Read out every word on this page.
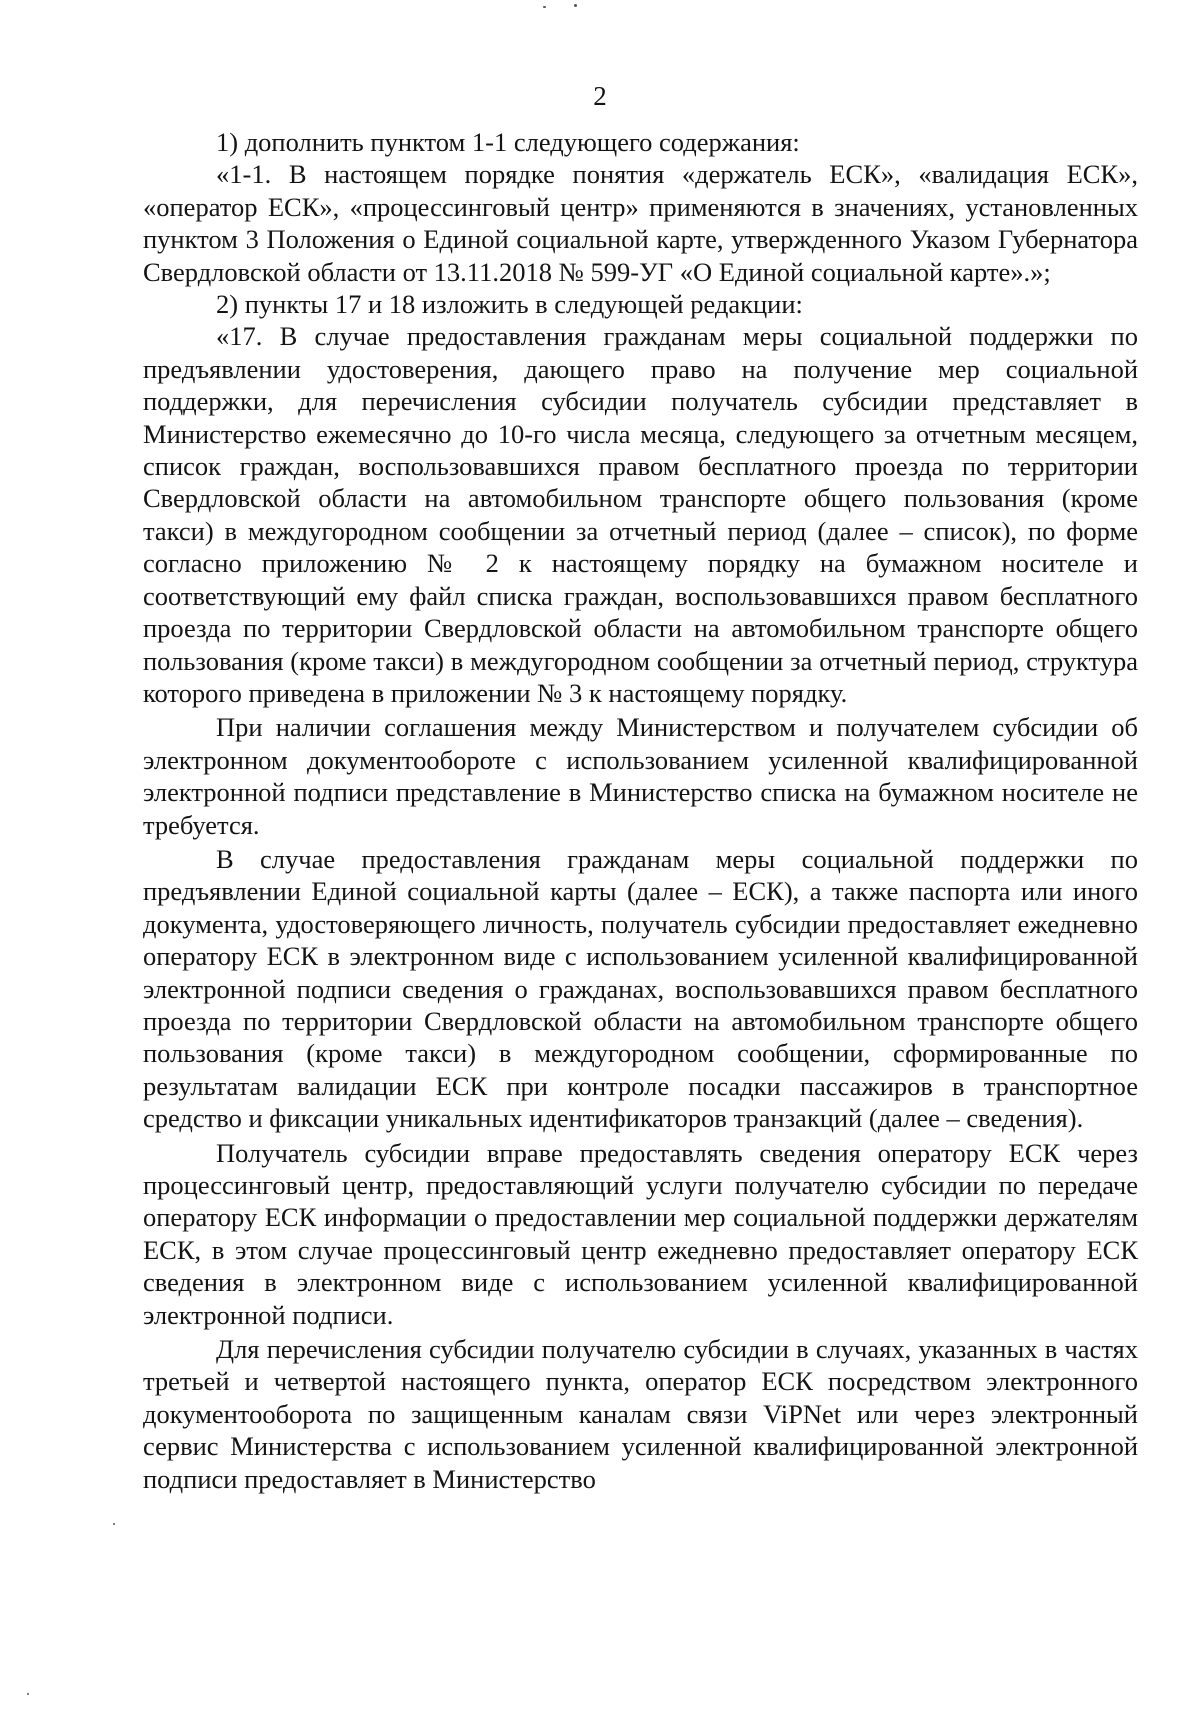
2

1) дополнить пунктом 1-1 следующего содержания:

«1-1. В настоящем порядке понятия «держатель ЕСК», «валидация ЕСК», «оператор ЕСК», «процессинговый центр» применяются в значениях, установленных пунктом 3 Положения о Единой социальной карте, утвержденного Указом Губернатора Свердловской области от 13.11.2018 № 599-УГ «О Единой социальной карте».»;

2) пункты 17 и 18 изложить в следующей редакции:

«17. В случае предоставления гражданам меры социальной поддержки по предъявлении удостоверения, дающего право на получение мер социальной поддержки, для перечисления субсидии получатель субсидии представляет в Министерство ежемесячно до 10-го числа месяца, следующего за отчетным месяцем, список граждан, воспользовавшихся правом бесплатного проезда по территории Свердловской области на автомобильном транспорте общего пользования (кроме такси) в междугородном сообщении за отчетный период (далее – список), по форме согласно приложению № 2 к настоящему порядку на бумажном носителе и соответствующий ему файл списка граждан, воспользовавшихся правом бесплатного проезда по территории Свердловской области на автомобильном транспорте общего пользования (кроме такси) в междугородном сообщении за отчетный период, структура которого приведена в приложении № 3 к настоящему порядку.

При наличии соглашения между Министерством и получателем субсидии об электронном документообороте с использованием усиленной квалифицированной электронной подписи представление в Министерство списка на бумажном носителе не требуется.

В случае предоставления гражданам меры социальной поддержки по предъявлении Единой социальной карты (далее – ЕСК), а также паспорта или иного документа, удостоверяющего личность, получатель субсидии предоставляет ежедневно оператору ЕСК в электронном виде с использованием усиленной квалифицированной электронной подписи сведения о гражданах, воспользовавшихся правом бесплатного проезда по территории Свердловской области на автомобильном транспорте общего пользования (кроме такси) в междугородном сообщении, сформированные по результатам валидации ЕСК при контроле посадки пассажиров в транспортное средство и фиксации уникальных идентификаторов транзакций (далее – сведения).

Получатель субсидии вправе предоставлять сведения оператору ЕСК через процессинговый центр, предоставляющий услуги получателю субсидии по передаче оператору ЕСК информации о предоставлении мер социальной поддержки держателям ЕСК, в этом случае процессинговый центр ежедневно предоставляет оператору ЕСК сведения в электронном виде с использованием усиленной квалифицированной электронной подписи.

Для перечисления субсидии получателю субсидии в случаях, указанных в частях третьей и четвертой настоящего пункта, оператор ЕСК посредством электронного документооборота по защищенным каналам связи ViPNet или через электронный сервис Министерства с использованием усиленной квалифицированной электронной подписи предоставляет в Министерство
